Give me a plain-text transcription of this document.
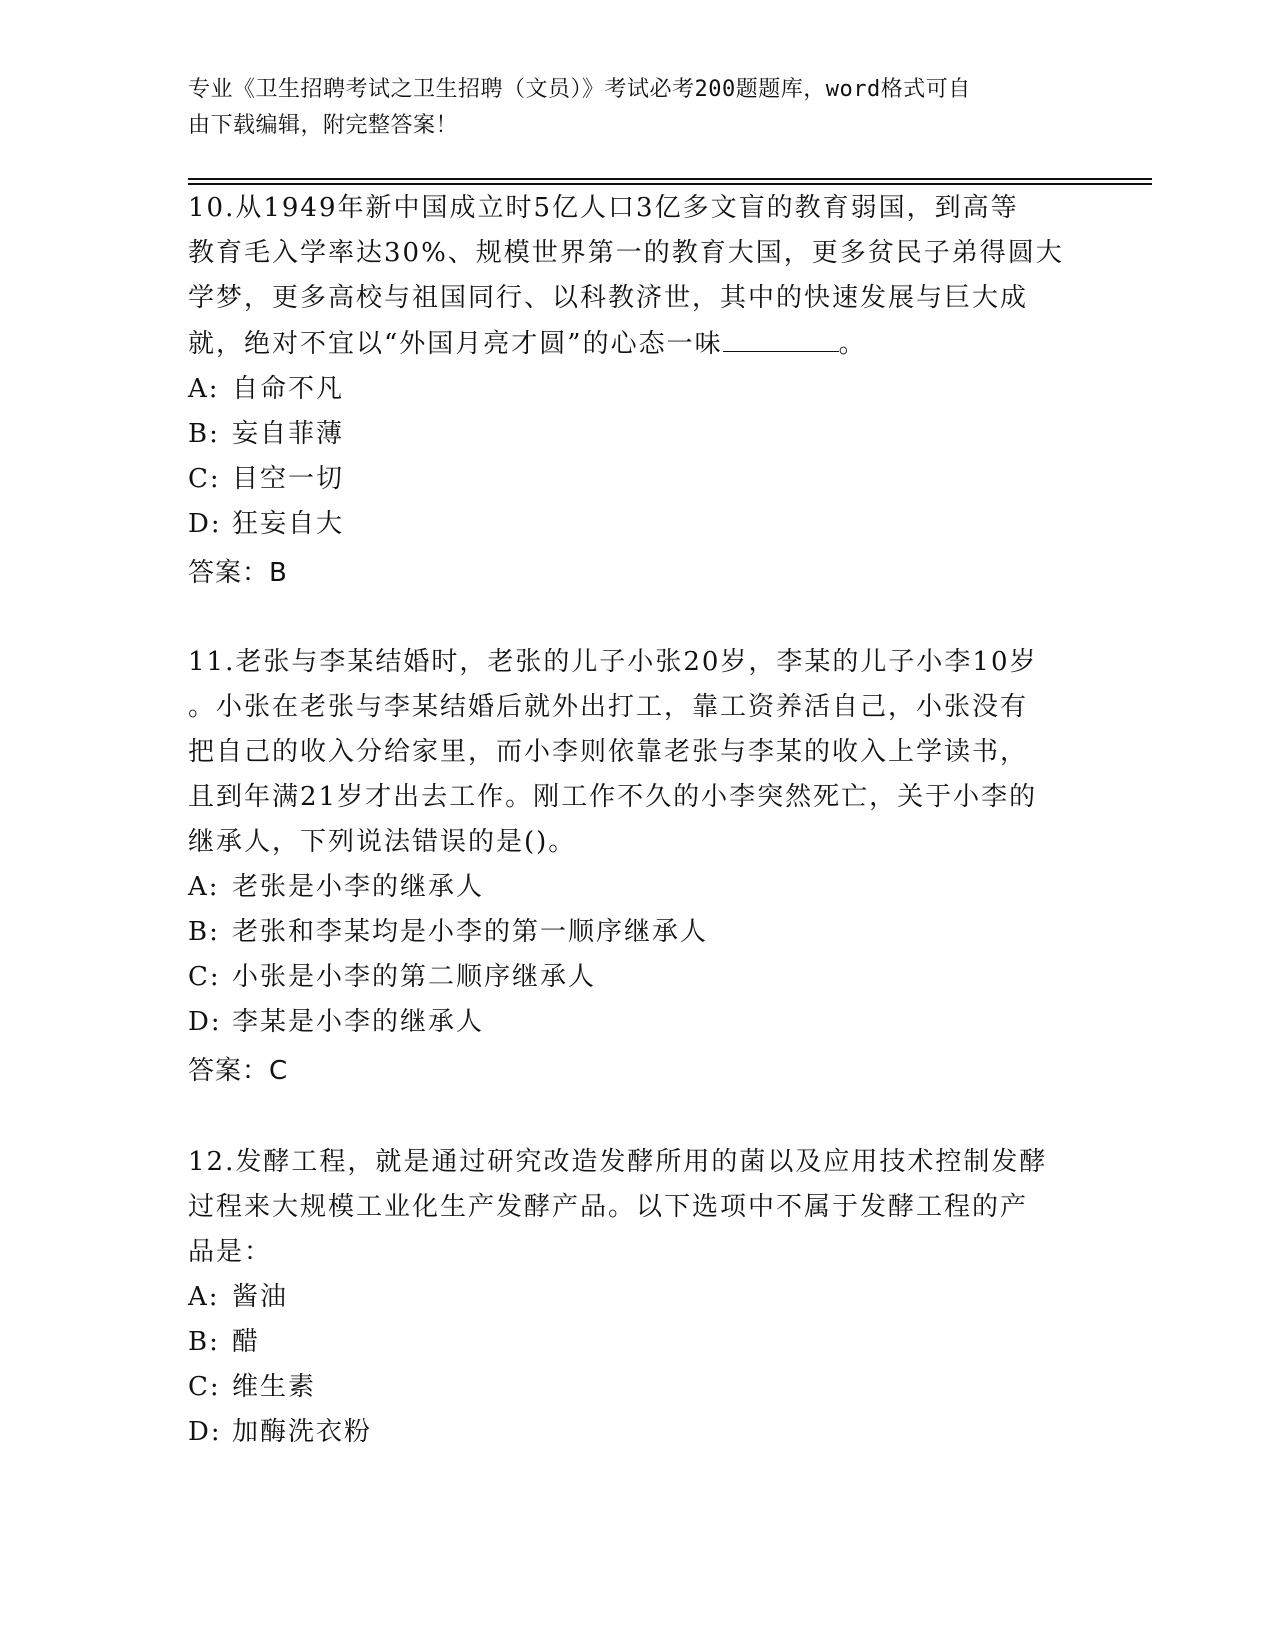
专业《卫生招聘考试之卫生招聘（文员）》考试必考200题题库，word格式可自
由下载编辑，附完整答案！

10.从1949年新中国成立时5亿人口3亿多文盲的教育弱国，到高等

教育毛入学率达30%、规模世界第一的教育大国，更多贫民子弟得圆大

学梦，更多高校与祖国同行、以科教济世，其中的快速发展与巨大成

就，绝对不宜以“外国月亮才圆”的心态一味	。

A: 自命不凡

B: 妄自菲薄

C: 目空一切

D: 狂妄自大

答案：B

11.老张与李某结婚时，老张的儿子小张20岁，李某的儿子小李10岁

。小张在老张与李某结婚后就外出打工，靠工资养活自己，小张没有

把自己的收入分给家里，而小李则依靠老张与李某的收入上学读书，

且到年满21岁才出去工作。刚工作不久的小李突然死亡，关于小李的

继承人，下列说法错误的是()。

A: 老张是小李的继承人

B: 老张和李某均是小李的第一顺序继承人

C: 小张是小李的第二顺序继承人

D: 李某是小李的继承人

答案：C

12.发酵工程，就是通过研究改造发酵所用的菌以及应用技术控制发酵

过程来大规模工业化生产发酵产品。以下选项中不属于发酵工程的产

品是：

A: 酱油

B: 醋

C: 维生素

D: 加酶洗衣粉
